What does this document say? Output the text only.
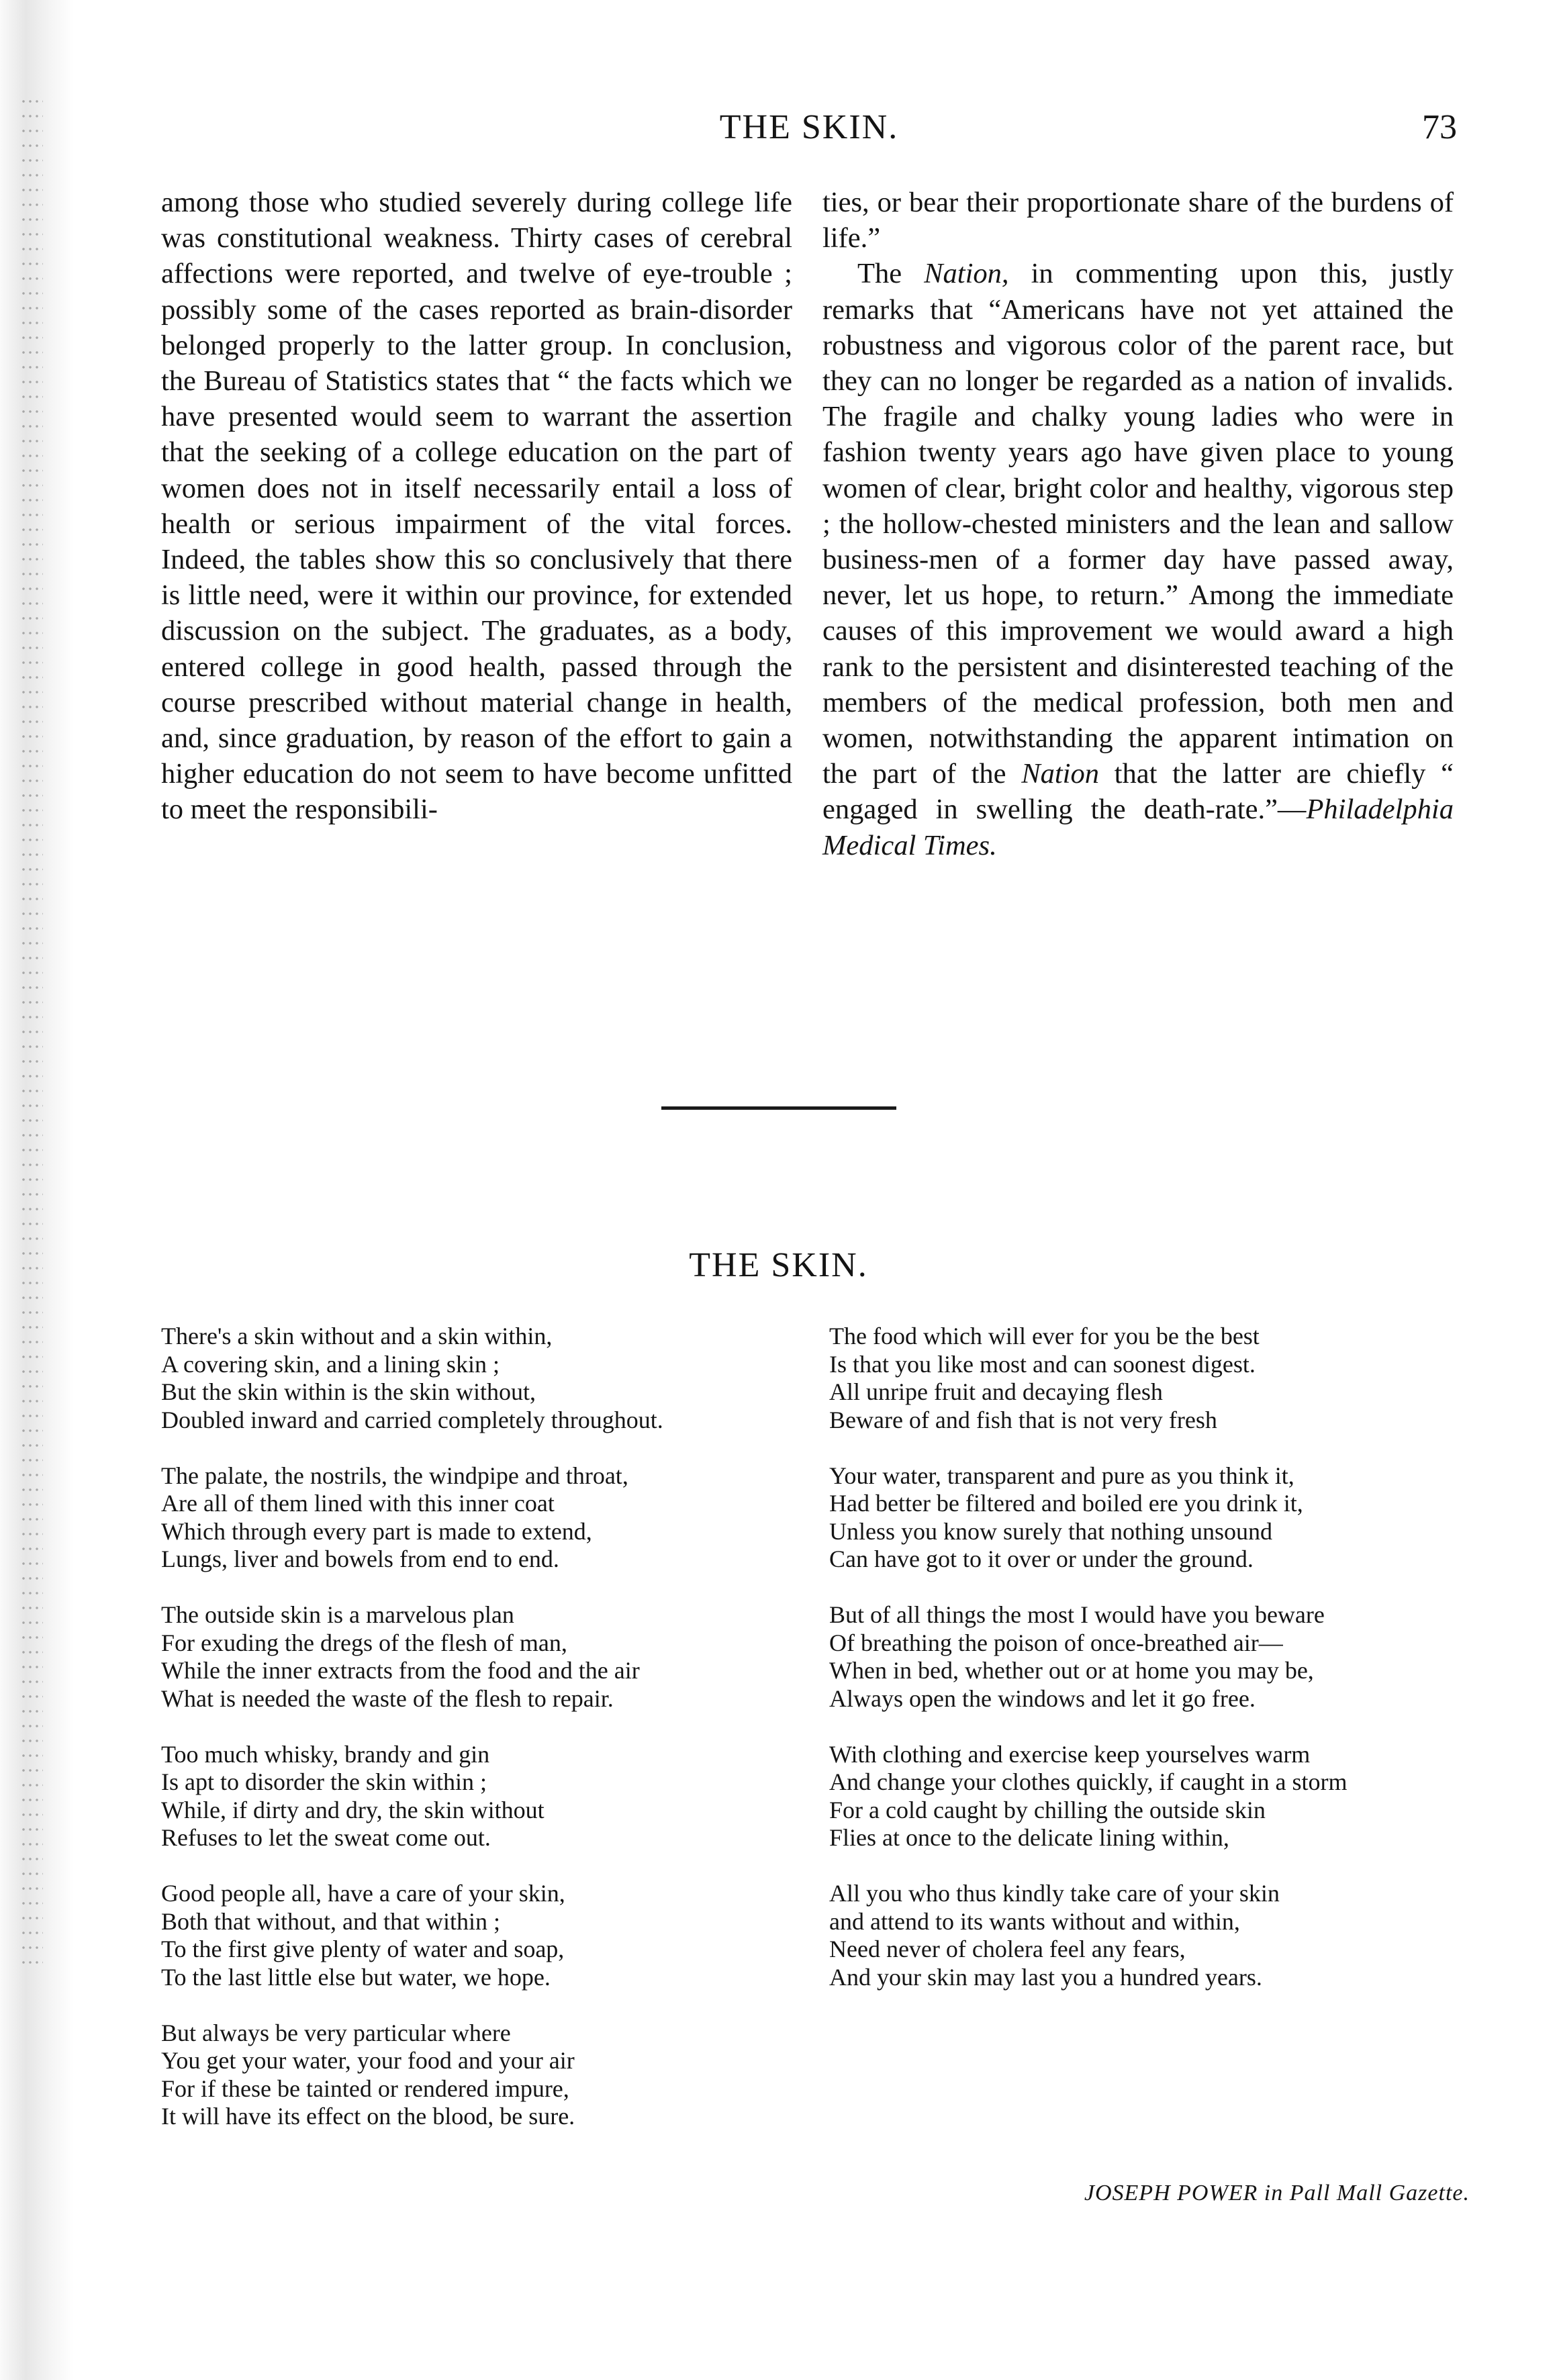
THE SKIN.	73

among those who studied severely during college life was constitutional weakness. Thirty cases of cerebral affections were reported, and twelve of eye-trouble ; possibly some of the cases reported as brain-disorder belonged properly to the latter group. In conclusion, the Bureau of Statistics states that “ the facts which we have presented would seem to warrant the assertion that the seeking of a college education on the part of women does not in itself necessarily entail a loss of health or serious impairment of the vital forces. Indeed, the tables show this so conclusively that there is little need, were it within our province, for extended discussion on the subject. The graduates, as a body, entered college in good health, passed through the course prescribed without material change in health, and, since graduation, by reason of the effort to gain a higher education do not seem to have become unfitted to meet the responsibili-

ties, or bear their proportionate share of the burdens of life.”

The Nation, in commenting upon this, justly remarks that “Americans have not yet attained the robustness and vigorous color of the parent race, but they can no longer be regarded as a nation of invalids. The fragile and chalky young ladies who were in fashion twenty years ago have given place to young women of clear, bright color and healthy, vigorous step ; the hollow-chested ministers and the lean and sallow business-men of a former day have passed away, never, let us hope, to return.” Among the immediate causes of this improvement we would award a high rank to the persistent and disinterested teaching of the members of the medical profession, both men and women, notwithstanding the apparent intimation on the part of the Nation that the latter are chiefly “ engaged in swelling the death-rate.”—Philadelphia Medical Times.

THE SKIN.
There's a skin without and a skin within,
A covering skin, and a lining skin ;
But the skin within is the skin without,
Doubled inward and carried completely throughout.
The palate, the nostrils, the windpipe and throat,
Are all of them lined with this inner coat
Which through every part is made to extend,
Lungs, liver and bowels from end to end.
The outside skin is a marvelous plan
For exuding the dregs of the flesh of man,
While the inner extracts from the food and the air
What is needed the waste of the flesh to repair.
Too much whisky, brandy and gin
Is apt to disorder the skin within ;
While, if dirty and dry, the skin without
Refuses to let the sweat come out.
Good people all, have a care of your skin,
Both that without, and that within ;
To the first give plenty of water and soap,
To the last little else but water, we hope.
But always be very particular where
You get your water, your food and your air
For if these be tainted or rendered impure,
It will have its effect on the blood, be sure.
The food which will ever for you be the best
Is that you like most and can soonest digest.
All unripe fruit and decaying flesh
Beware of and fish that is not very fresh
Your water, transparent and pure as you think it,
Had better be filtered and boiled ere you drink it,
Unless you know surely that nothing unsound
Can have got to it over or under the ground.
But of all things the most I would have you beware
Of breathing the poison of once-breathed air—
When in bed, whether out or at home you may be,
Always open the windows and let it go free.
With clothing and exercise keep yourselves warm
And change your clothes quickly, if caught in a storm
For a cold caught by chilling the outside skin
Flies at once to the delicate lining within,
All you who thus kindly take care of your skin
and attend to its wants without and within,
Need never of cholera feel any fears,
And your skin may last you a hundred years.
JOSEPH POWER in Pall Mall Gazette.
